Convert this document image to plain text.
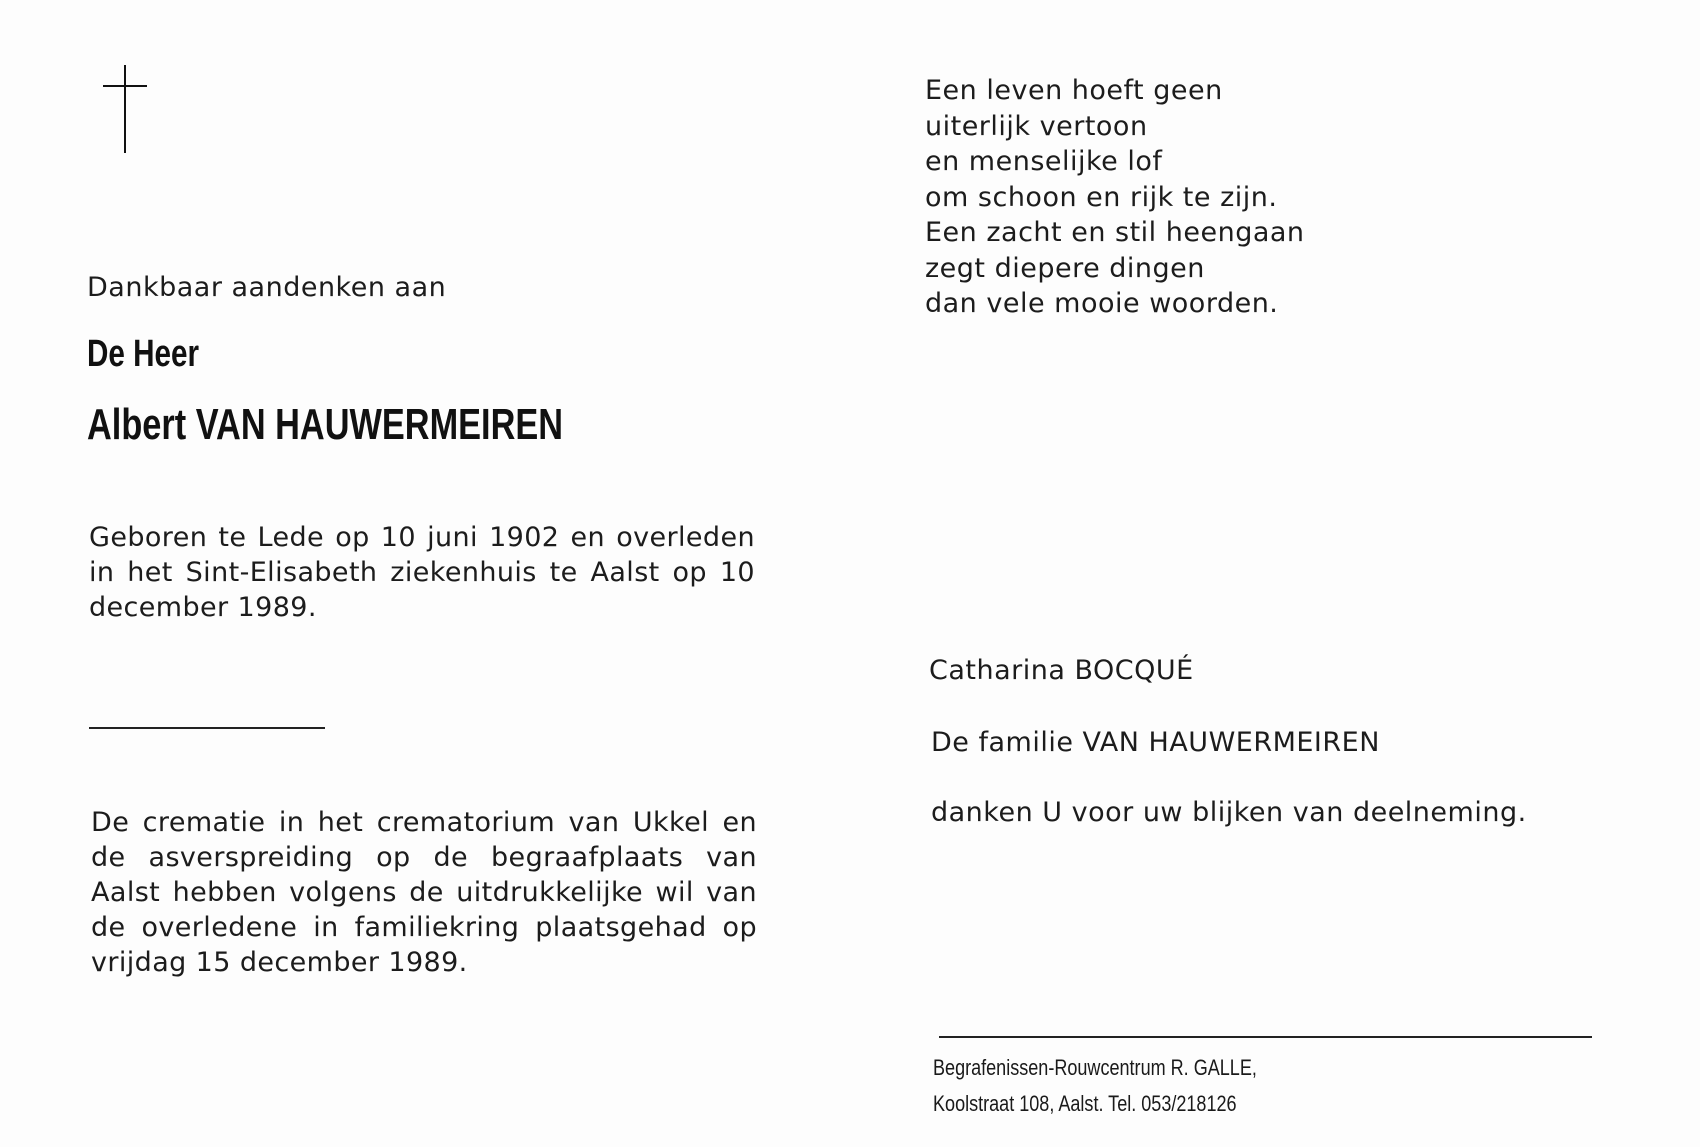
Dankbaar aandenken aan
De Heer
Albert VAN HAUWERMEIREN
Geboren te Lede op 10 juni 1902 en overleden in het Sint-Elisabeth ziekenhuis te Aalst op 10 december 1989.
De crematie in het crematorium van Ukkel en de asverspreiding op de begraafplaats van Aalst hebben volgens de uitdrukkelijke wil van de overledene in familiekring plaatsgehad op vrijdag 15 december 1989.
Een leven hoeft geen
uiterlijk vertoon
en menselijke lof
om schoon en rijk te zijn.
Een zacht en stil heengaan
zegt diepere dingen
dan vele mooie woorden.
Catharina BOCQUÉ
De familie VAN HAUWERMEIREN
danken U voor uw blijken van deelneming.
Begrafenissen-Rouwcentrum R. GALLE,
Koolstraat 108, Aalst. Tel. 053/218126
